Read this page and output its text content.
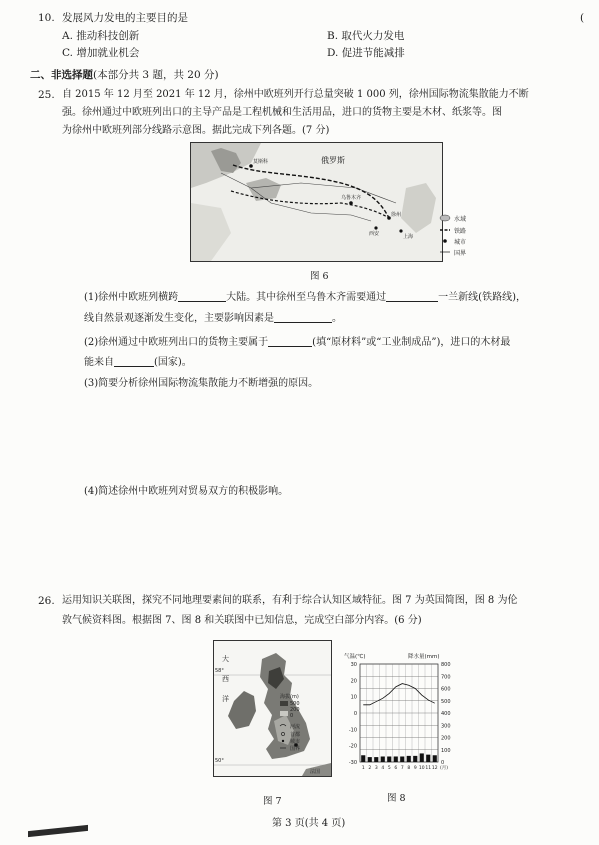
(
10. 发展风力发电的主要目的是
A. 推动科技创新	B. 取代火力发电
C. 增加就业机会	D. 促进节能减排
二、非选择题(本部分共 3 题，共 20 分)
25. 自 2015 年 12 月至 2021 年 12 月，徐州中欧班列开行总量突破 1 000 列，徐州国际物流集散能力不断
强。徐州通过中欧班列出口的主导产品是工程机械和生活用品，进口的货物主要是木材、纸浆等。图
为徐州中欧班列部分线路示意图。据此完成下列各题。(7 分)
俄罗斯
莫斯科
乌鲁木齐
徐州
西安	上海
水域
铁路
城市
国界
图 6
(1)徐州中欧班列横跨	大陆。其中徐州至乌鲁木齐需要通过	一兰新线(铁路线)，
线自然景观逐渐发生变化，主要影响因素是	。
(2)徐州通过中欧班列出口的货物主要属于	(填“原材料”或“工业制成品”)，进口的木材最
能来自	(国家)。
(3)简要分析徐州国际物流集散能力不断增强的原因。
(4)简述徐州中欧班列对贸易双方的积极影响。
26. 运用知识关联图，探究不同地理要素间的联系，有利于综合认知区域特征。图 7 为英国简图，图 8 为伦
敦气候资料图。根据图 7、图 8 和关联图中已知信息，完成空白部分内容。(6 分)
大
西
洋
58°
50°
法国
海拔(m)
500
200
0
河流
首都
城市
国界
图 7
气温(℃)	降水量(mm)
800
700
600
500
400
300
200
100
0
30
20
10
0
-10
-20
-30
1 2 3 4 5 6 7 8 9 10 11 12 (月)
图 8
第 3 页(共 4 页)
